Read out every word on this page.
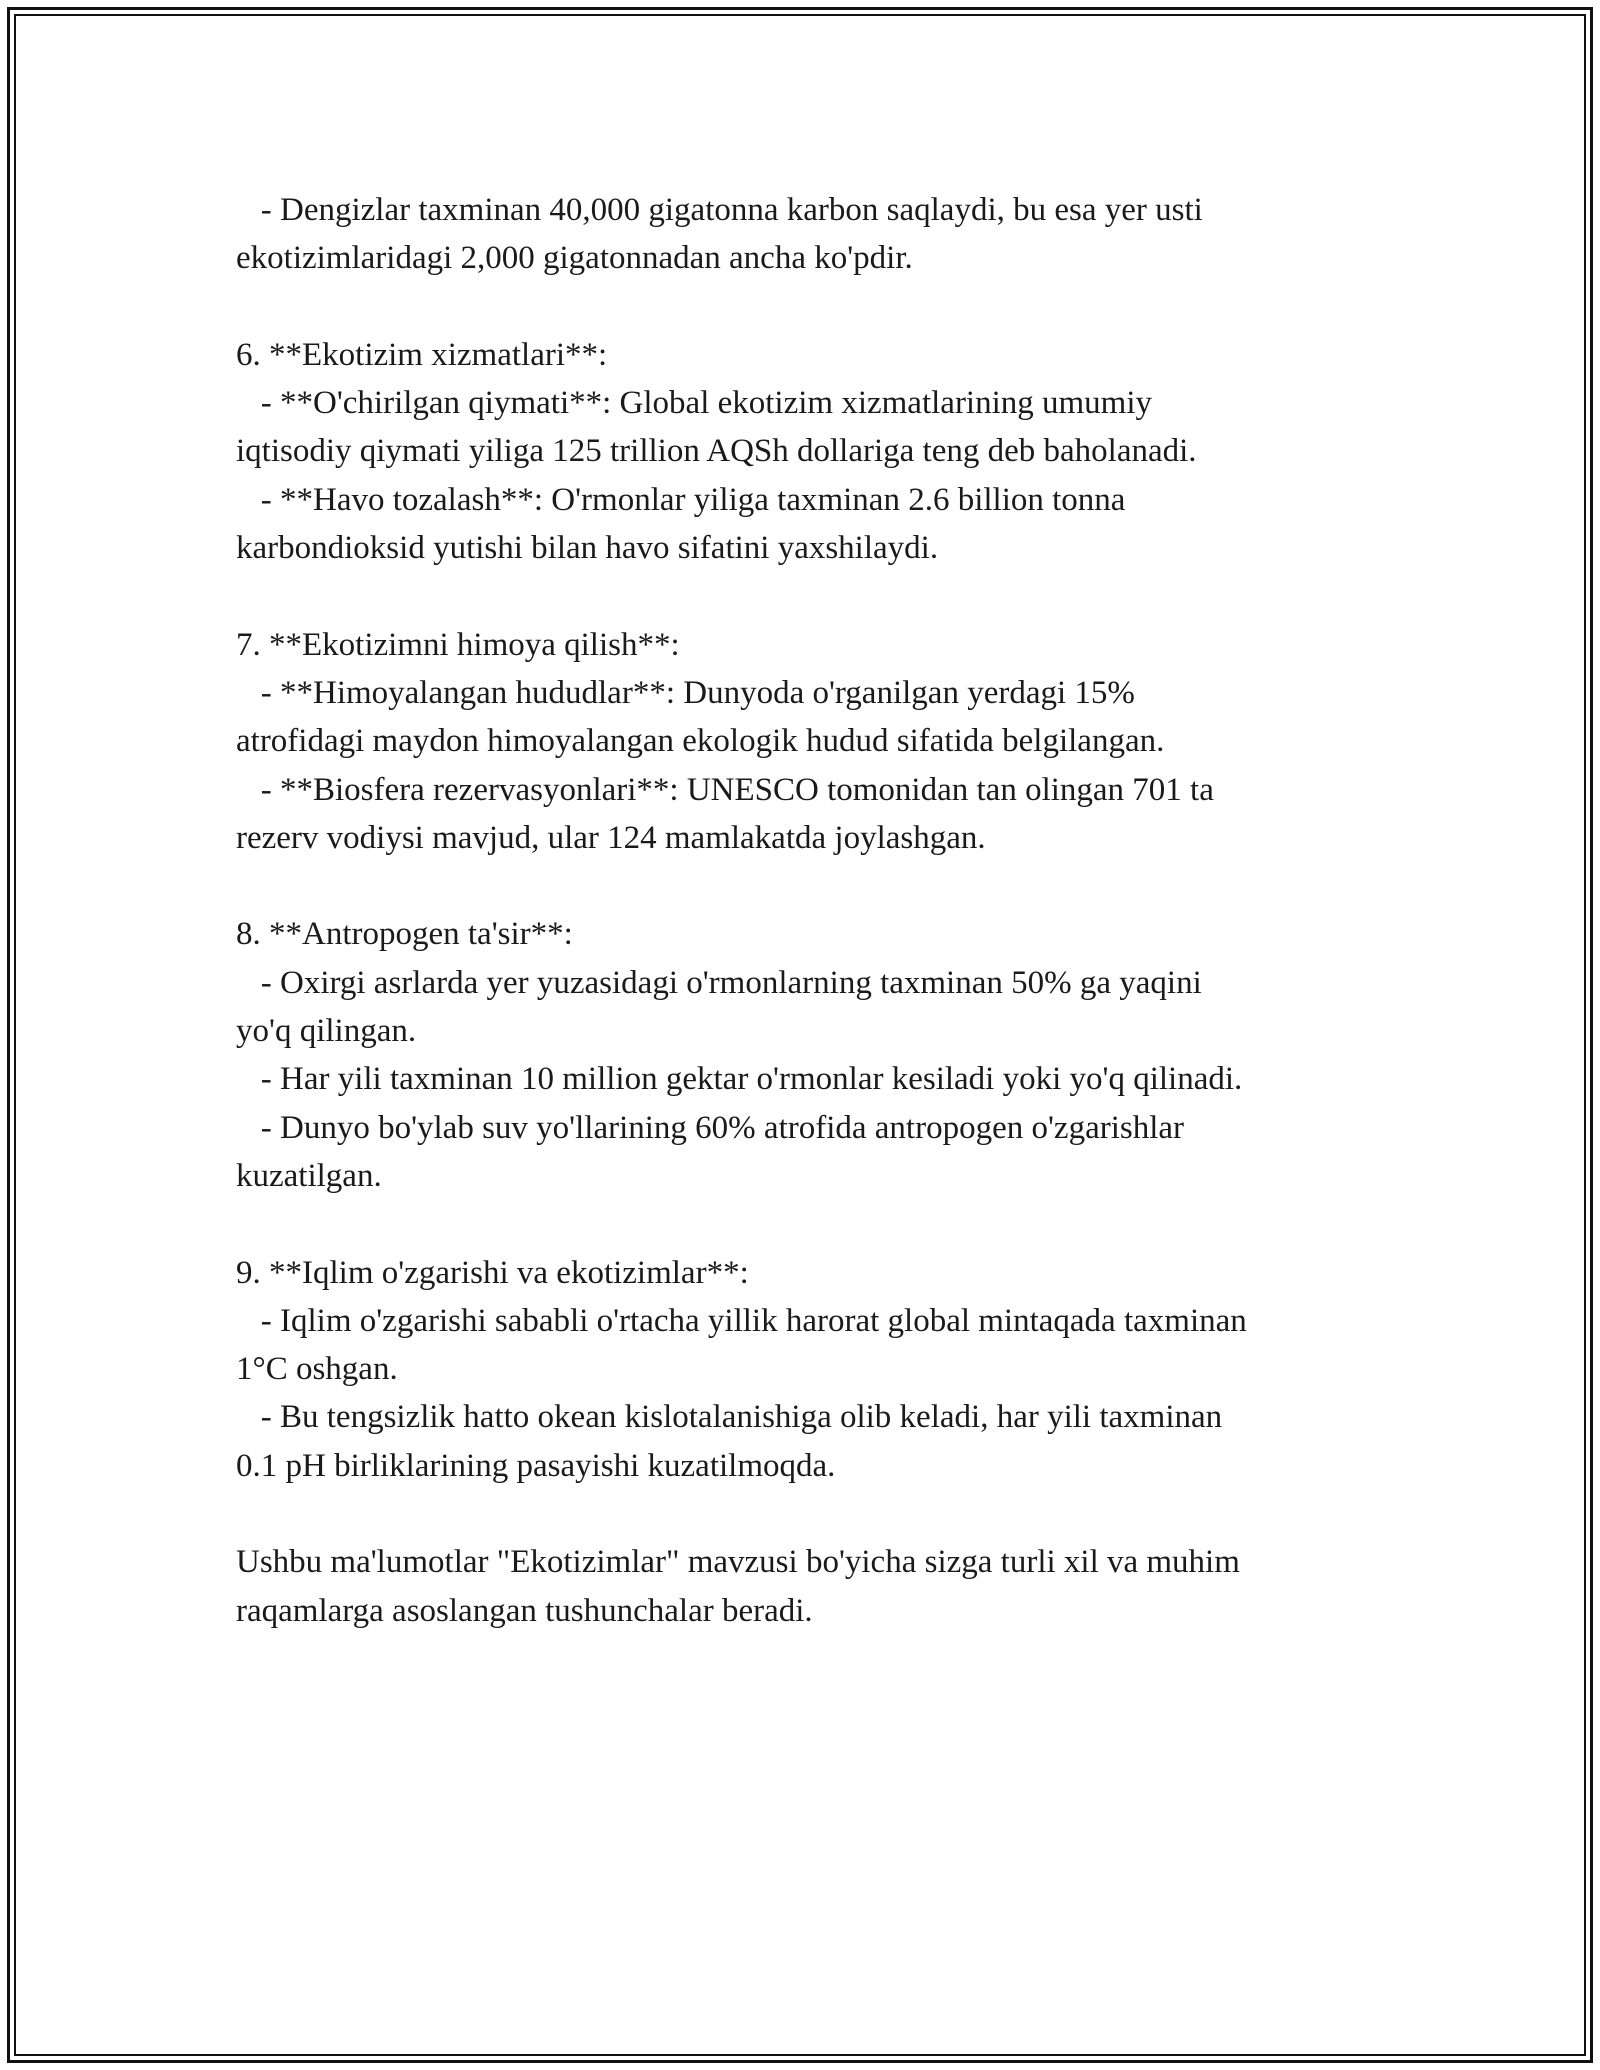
- Dengizlar taxminan 40,000 gigatonna karbon saqlaydi, bu esa yer usti
ekotizimlaridagi 2,000 gigatonnadan ancha ko'pdir.
6. **Ekotizim xizmatlari**:
- **O'chirilgan qiymati**: Global ekotizim xizmatlarining umumiy
iqtisodiy qiymati yiliga 125 trillion AQSh dollariga teng deb baholanadi.
- **Havo tozalash**: O'rmonlar yiliga taxminan 2.6 billion tonna
karbondioksid yutishi bilan havo sifatini yaxshilaydi.
7. **Ekotizimni himoya qilish**:
- **Himoyalangan hududlar**: Dunyoda o'rganilgan yerdagi 15%
atrofidagi maydon himoyalangan ekologik hudud sifatida belgilangan.
- **Biosfera rezervasyonlari**: UNESCO tomonidan tan olingan 701 ta
rezerv vodiysi mavjud, ular 124 mamlakatda joylashgan.
8. **Antropogen ta'sir**:
- Oxirgi asrlarda yer yuzasidagi o'rmonlarning taxminan 50% ga yaqini
yo'q qilingan.
- Har yili taxminan 10 million gektar o'rmonlar kesiladi yoki yo'q qilinadi.
- Dunyo bo'ylab suv yo'llarining 60% atrofida antropogen o'zgarishlar
kuzatilgan.
9. **Iqlim o'zgarishi va ekotizimlar**:
- Iqlim o'zgarishi sababli o'rtacha yillik harorat global mintaqada taxminan
1°C oshgan.
- Bu tengsizlik hatto okean kislotalanishiga olib keladi, har yili taxminan
0.1 pH birliklarining pasayishi kuzatilmoqda.
Ushbu ma'lumotlar "Ekotizimlar" mavzusi bo'yicha sizga turli xil va muhim
raqamlarga asoslangan tushunchalar beradi.
